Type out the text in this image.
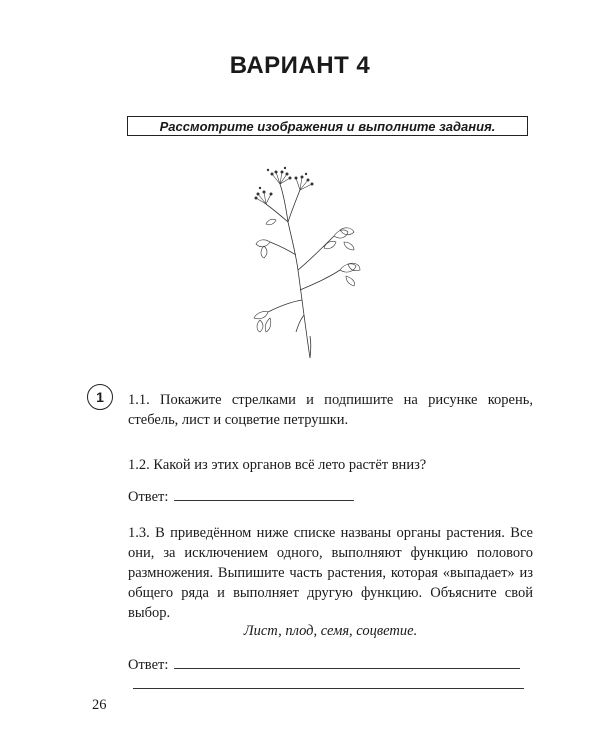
ВАРИАНТ 4
Рассмотрите изображения и выполните задания.
1 1.1. Покажите стрелками и подпишите на рисунке корень, стебель, лист и соцветие петрушки.

1.2. Какой из этих органов всё лето растёт вниз?

Ответ:

1.3. В приведённом ниже списке названы органы растения. Все они, за исключением одного, выполняют функцию полового размножения. Выпишите часть растения, которая «выпадает» из общего ряда и выполняет другую функцию. Объясните свой выбор.

Лист, плод, семя, соцветие.
Ответ:
26
